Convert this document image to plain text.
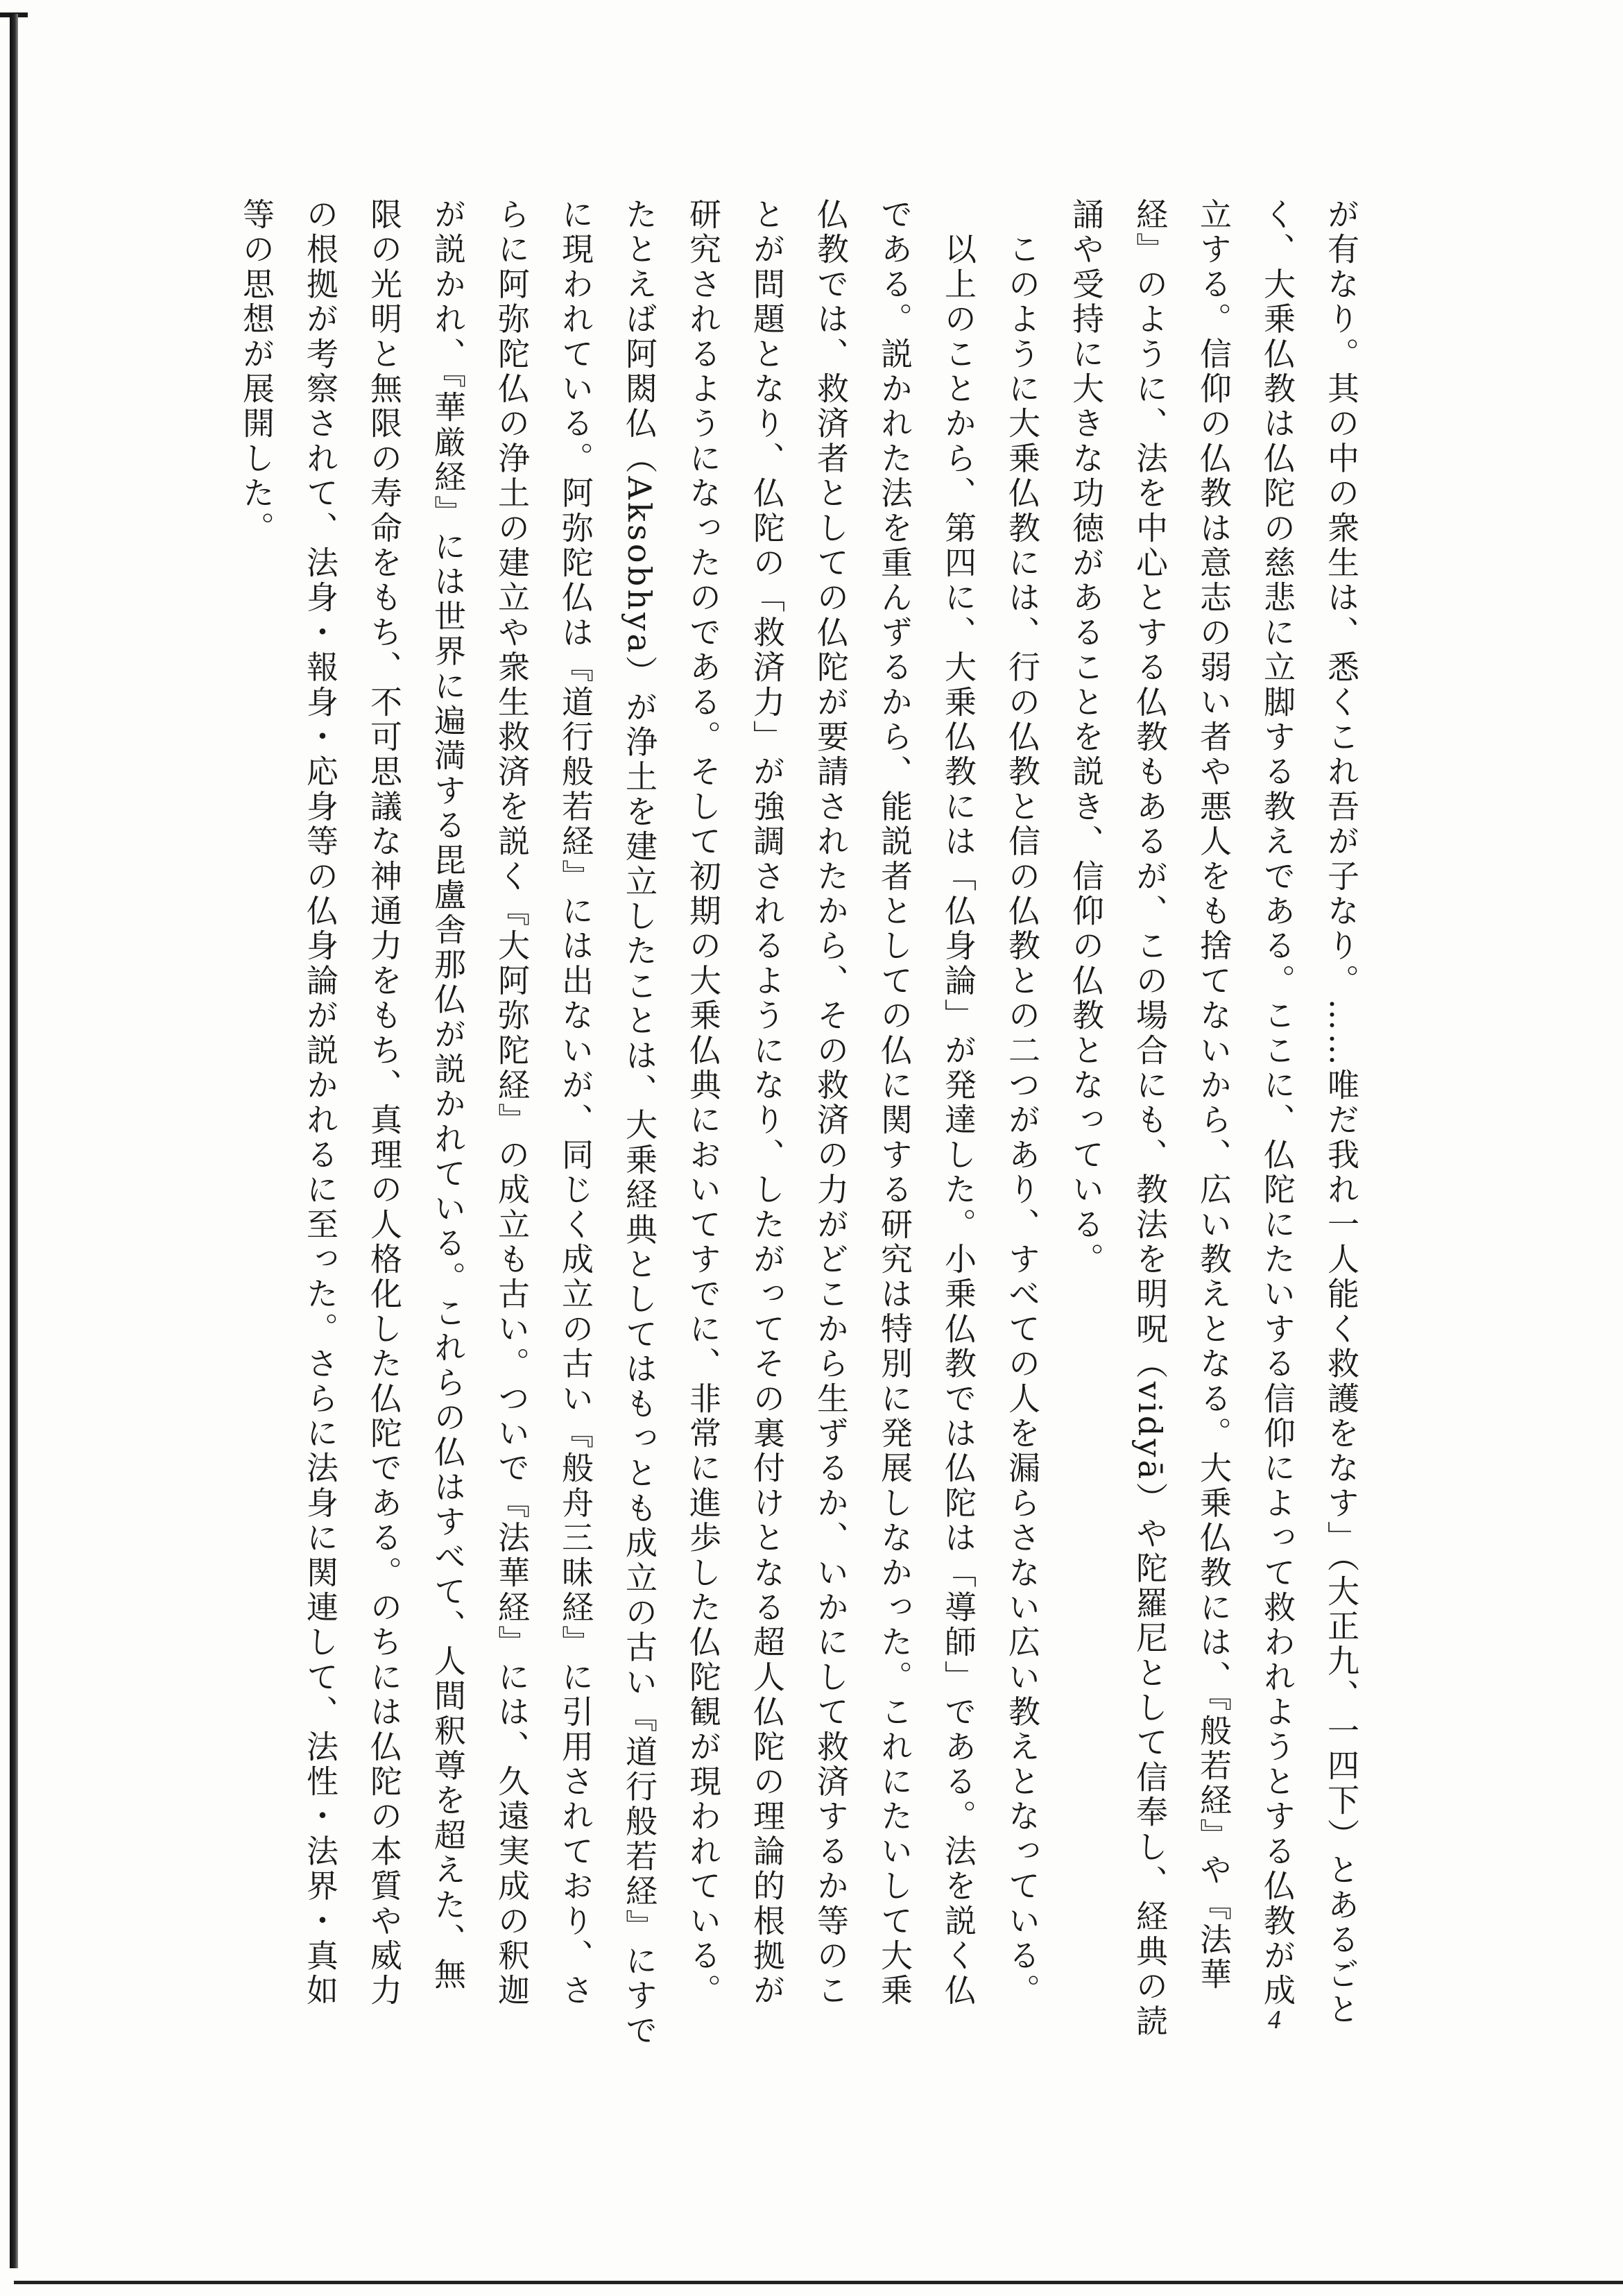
が有なり。其の中の衆生は、悉くこれ吾が子なり。……唯だ我れ一人能く救護をなす」（大正九、一四下）とあるごと
く、大乗仏教は仏陀の慈悲に立脚する教えである。ここに、仏陀にたいする信仰によって救われようとする仏教が成
立する。信仰の仏教は意志の弱い者や悪人をも捨てないから、広い教えとなる。大乗仏教には、『般若経』や『法華
経』のように、法を中心とする仏教もあるが、この場合にも、教法を明呪（vidyā）や陀羅尼として信奉し、経典の読
誦や受持に大きな功徳があることを説き、信仰の仏教となっている。
　このように大乗仏教には、行の仏教と信の仏教との二つがあり、すべての人を漏らさない広い教えとなっている。
　以上のことから、第四に、大乗仏教には「仏身論」が発達した。小乗仏教では仏陀は「導師」である。法を説く仏
である。説かれた法を重んずるから、能説者としての仏に関する研究は特別に発展しなかった。これにたいして大乗
仏教では、救済者としての仏陀が要請されたから、その救済の力がどこから生ずるか、いかにして救済するか等のこ
とが問題となり、仏陀の「救済力」が強調されるようになり、したがってその裏付けとなる超人仏陀の理論的根拠が
研究されるようになったのである。そして初期の大乗仏典においてすでに、非常に進歩した仏陀観が現われている。
たとえば阿閦仏（Aksobhya）が浄土を建立したことは、大乗経典としてはもっとも成立の古い『道行般若経』にすで
に現われている。阿弥陀仏は『道行般若経』には出ないが、同じく成立の古い『般舟三昧経』に引用されており、さ
らに阿弥陀仏の浄土の建立や衆生救済を説く『大阿弥陀経』の成立も古い。ついで『法華経』には、久遠実成の釈迦
が説かれ、『華厳経』には世界に遍満する毘盧舎那仏が説かれている。これらの仏はすべて、人間釈尊を超えた、無
限の光明と無限の寿命をもち、不可思議な神通力をもち、真理の人格化した仏陀である。のちには仏陀の本質や威力
の根拠が考察されて、法身・報身・応身等の仏身論が説かれるに至った。さらに法身に関連して、法性・法界・真如
等の思想が展開した。
4
